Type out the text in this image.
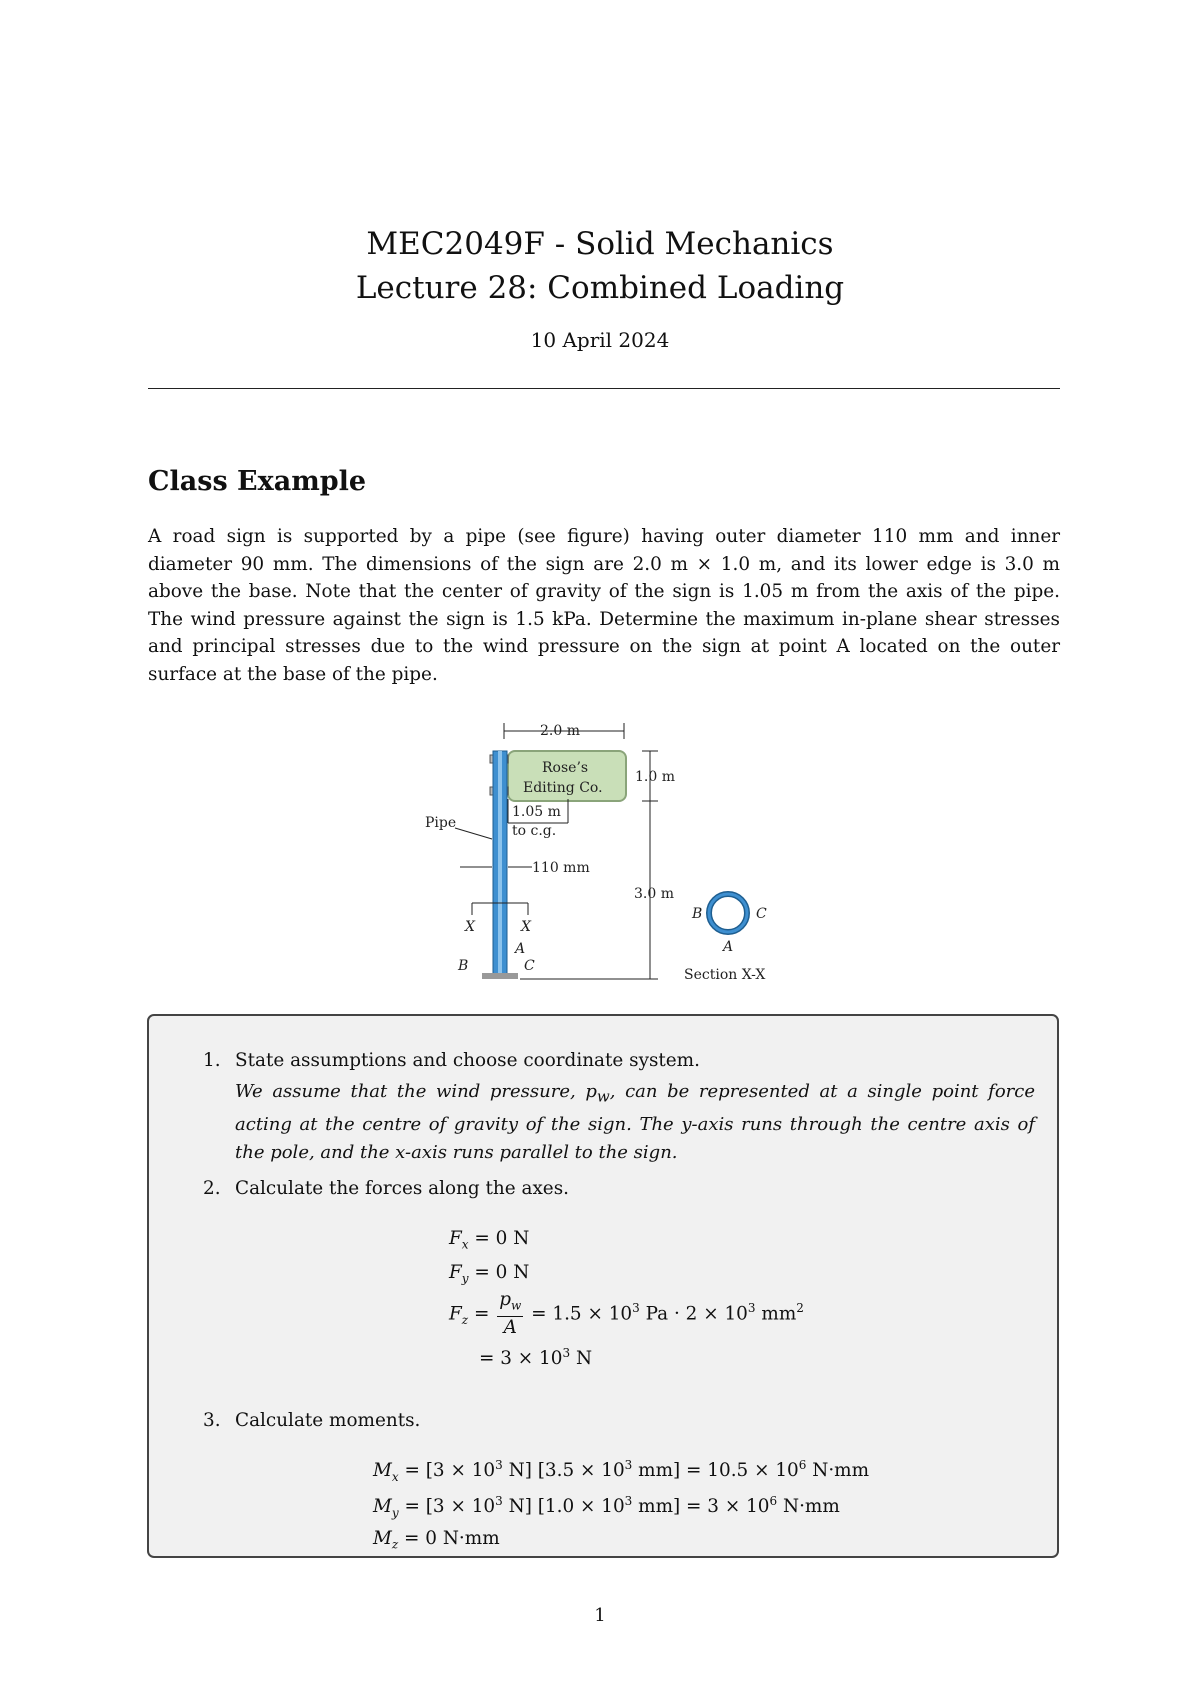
MEC2049F - Solid Mechanics

Lecture 28: Combined Loading

10 April 2024
Class Example

A road sign is supported by a pipe (see figure) having outer diameter 110 mm and inner diameter 90 mm. The dimensions of the sign are 2.0 m × 1.0 m, and its lower edge is 3.0 m above the base. Note that the center of gravity of the sign is 1.05 m from the axis of the pipe. The wind pressure against the sign is 1.5 kPa. Determine the maximum in-plane shear stresses and principal stresses due to the wind pressure on the sign at point A located on the outer surface at the base of the pipe.

2.0 m
Rose’s
Editing Co.
1.0 m
1.05 m
to c.g.
Pipe
110 mm
3.0 m
X	X
A
B	C
B	C
A
Section X-X
1. State assumptions and choose coordinate system.
We assume that the wind pressure, $p_w$, can be represented at a single point force acting at the centre of gravity of the sign. The y-axis runs through the centre axis of the pole, and the x-axis runs parallel to the sign.
2. Calculate the forces along the axes.
$F_x = 0$ N
$F_y = 0$ N
$F_z = \frac{p_w}{A} = 1.5 \times 10^3$ $Pa \cdot 2 \times 10^3$ $mm^2$
= $3 \times 10^3$ N
3. Calculate moments.
$M_x = [3 \times 10^3$ N] [$3.5 \times 10^3$ $mm] = 10.5 \times 10^6$ N·mm
$M_y = [3 \times 10^3$ N] [$1.0 \times 10^3$ $mm] = 3 \times 10^6$ N·mm
$M_z = 0$ N·mm
1
